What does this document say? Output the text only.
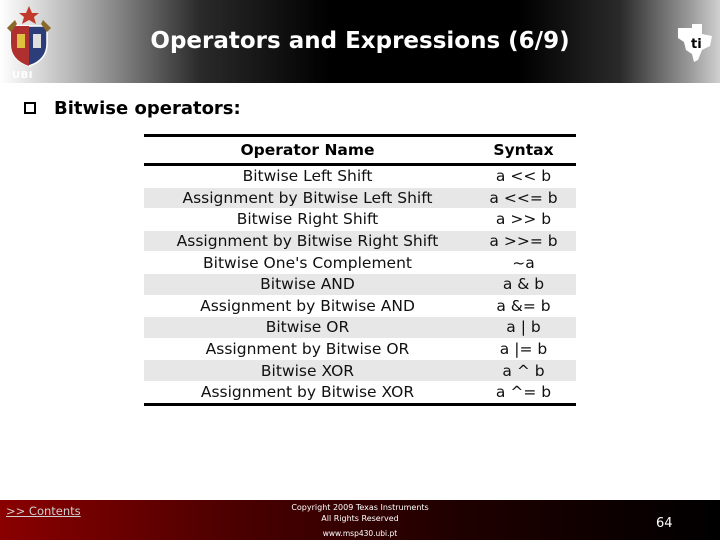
UBI
Operators and Expressions (6/9)	ti
Bitwise operators:
Operator Name	Syntax
Bitwise Left Shift	a << b
Assignment by Bitwise Left Shift	a <<= b
Bitwise Right Shift	a >> b
Assignment by Bitwise Right Shift	a >>= b
Bitwise One's Complement	~a
Bitwise AND	a & b
Assignment by Bitwise AND	a &= b
Bitwise OR	a | b
Assignment by Bitwise OR	a |= b
Bitwise XOR	a ^ b
Assignment by Bitwise XOR	a ^= b
>> Contents	Copyright 2009 Texas Instruments
All Rights Reserved
www.msp430.ubi.pt
64
